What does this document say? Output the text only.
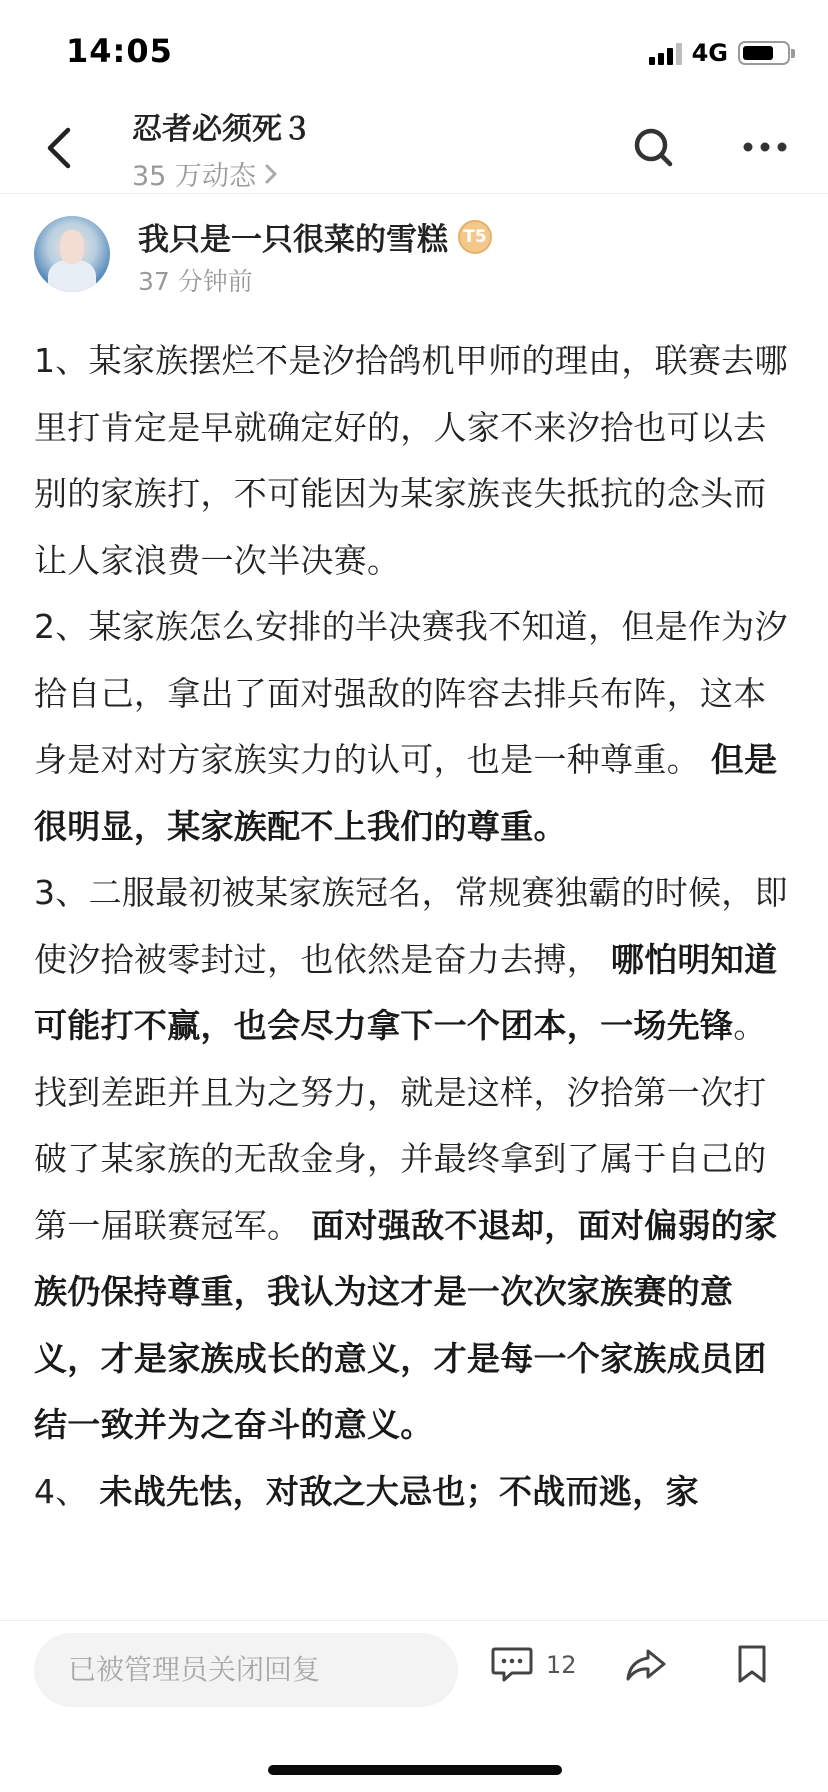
14:05	4G
忍者必须死３
35 万动态
我只是一只很菜的雪糕 T5
37 分钟前

1、某家族摆烂不是汐拾鸽机甲师的理由，联赛去哪里打肯定是早就确定好的，人家不来汐拾也可以去别的家族打，不可能因为某家族丧失抵抗的念头而让人家浪费一次半决赛。

2、某家族怎么安排的半决赛我不知道，但是作为汐拾自己，拿出了面对强敌的阵容去排兵布阵，这本身是对对方家族实力的认可，也是一种尊重。 但是很明显，某家族配不上我们的尊重。

3、二服最初被某家族冠名，常规赛独霸的时候，即使汐拾被零封过，也依然是奋力去搏， 哪怕明知道可能打不赢，也会尽力拿下一个团本，一场先锋。找到差距并且为之努力，就是这样，汐拾第一次打破了某家族的无敌金身，并最终拿到了属于自己的第一届联赛冠军。 面对强敌不退却，面对偏弱的家族仍保持尊重，我认为这才是一次次家族赛的意义，才是家族成长的意义，才是每一个家族成员团结一致并为之奋斗的意义。

4、 未战先怯，对敌之大忌也；不战而逃，家

已被管理员关闭回复	12
